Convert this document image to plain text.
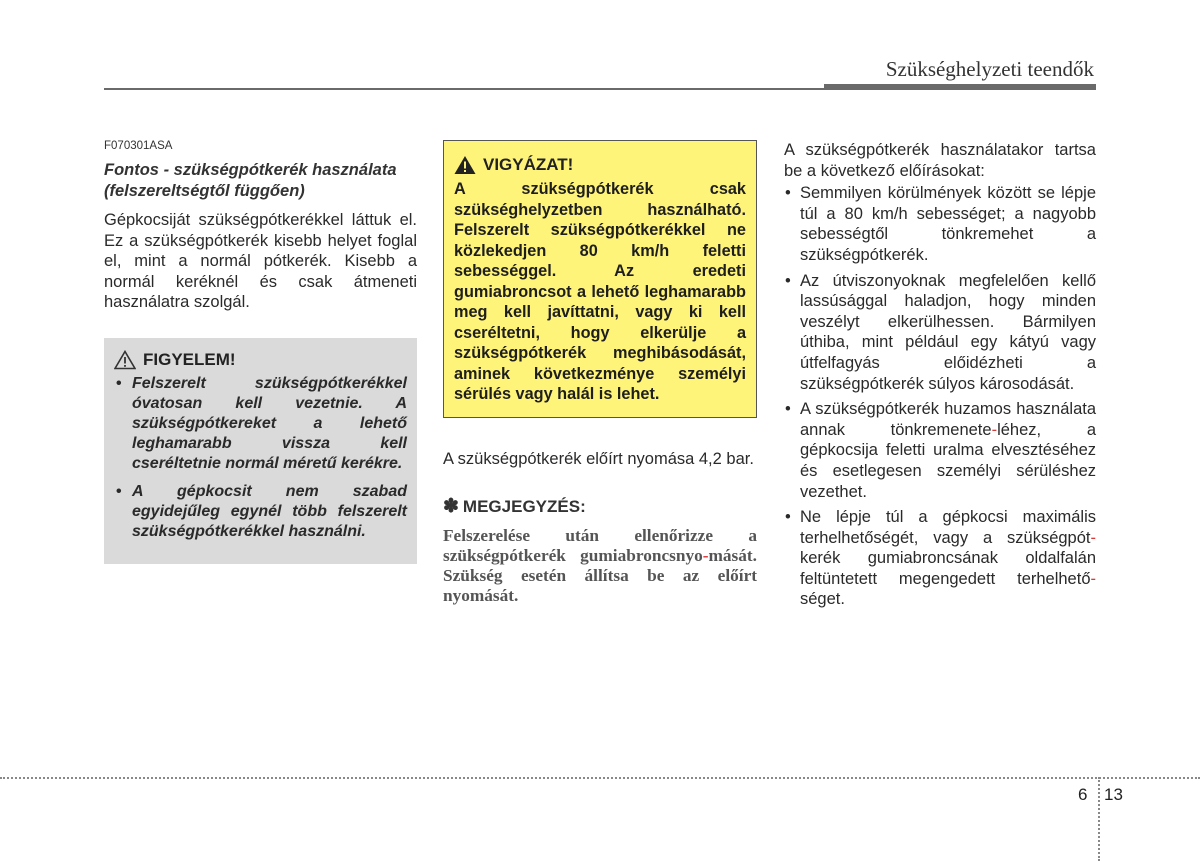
Szükséghelyzeti teendők
F070301ASA
Fontos - szükségpótkerék használata (felszereltségtől függően)

Gépkocsiját szükségpótkerékkel láttuk el. Ez a szükségpótkerék kisebb helyet foglal el, mint a normál pótkerék. Kisebb a normál keréknél és csak átmeneti használatra szolgál.

FIGYELEM!
• Felszerelt szükségpótkerékkel óvatosan kell vezetnie. A szükségpótkereket a lehető leghamarabb vissza kell cseréltetnie normál méretű kerékre.
• A gépkocsit nem szabad egyidejűleg egynél több felszerelt szükségpótkerékkel használni.
VIGYÁZAT!

A szükségpótkerék csak szükséghelyzetben használható. Felszerelt szükségpótkerékkel ne közlekedjen 80 km/h feletti sebességgel. Az eredeti gumiabroncsot a lehető leghamarabb meg kell javíttatni, vagy ki kell cseréltetni, hogy elkerülje a szükségpótkerék meghibásodását, aminek következménye személyi sérülés vagy halál is lehet.

A szükségpótkerék előírt nyomása 4,2 bar.

✽ MEGJEGYZÉS:

Felszerelése után ellenőrizze a szükségpótkerék gumiabroncsnyo-mását. Szükség esetén állítsa be az előírt nyomását.

A szükségpótkerék használatakor tartsa be a következő előírásokat:

• Semmilyen körülmények között se lépje túl a 80 km/h sebességet; a nagyobb sebességtől tönkremehet a szükségpótkerék.
• Az útviszonyoknak megfelelően kellő lassúsággal haladjon, hogy minden veszélyt elkerülhessen. Bármilyen úthiba, mint például egy kátyú vagy útfelfagyás előidézheti a szükségpótkerék súlyos károsodását.
• A szükségpótkerék huzamos használata annak tönkremenete-léhez, a gépkocsija feletti uralma elvesztéséhez és esetlegesen személyi sérüléshez vezethet.
• Ne lépje túl a gépkocsi maximális terhelhetőségét, vagy a szükségpót-kerék gumiabroncsának oldalfalán feltüntetett megengedett terhelhető-séget.
6 13
